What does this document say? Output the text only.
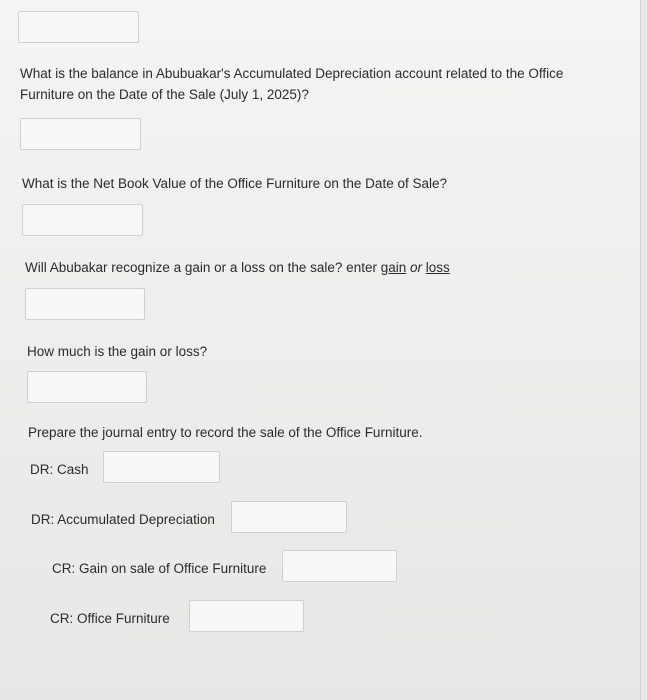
What is the balance in Abubuakar's Accumulated Depreciation account related to the Office Furniture on the Date of the Sale (July 1, 2025)?
What is the Net Book Value of the Office Furniture on the Date of Sale?
Will Abubakar recognize a gain or a loss on the sale? enter gain or loss
How much is the gain or loss?
Prepare the journal entry to record the sale of the Office Furniture.
DR: Cash
DR: Accumulated Depreciation
CR: Gain on sale of Office Furniture
CR: Office Furniture
